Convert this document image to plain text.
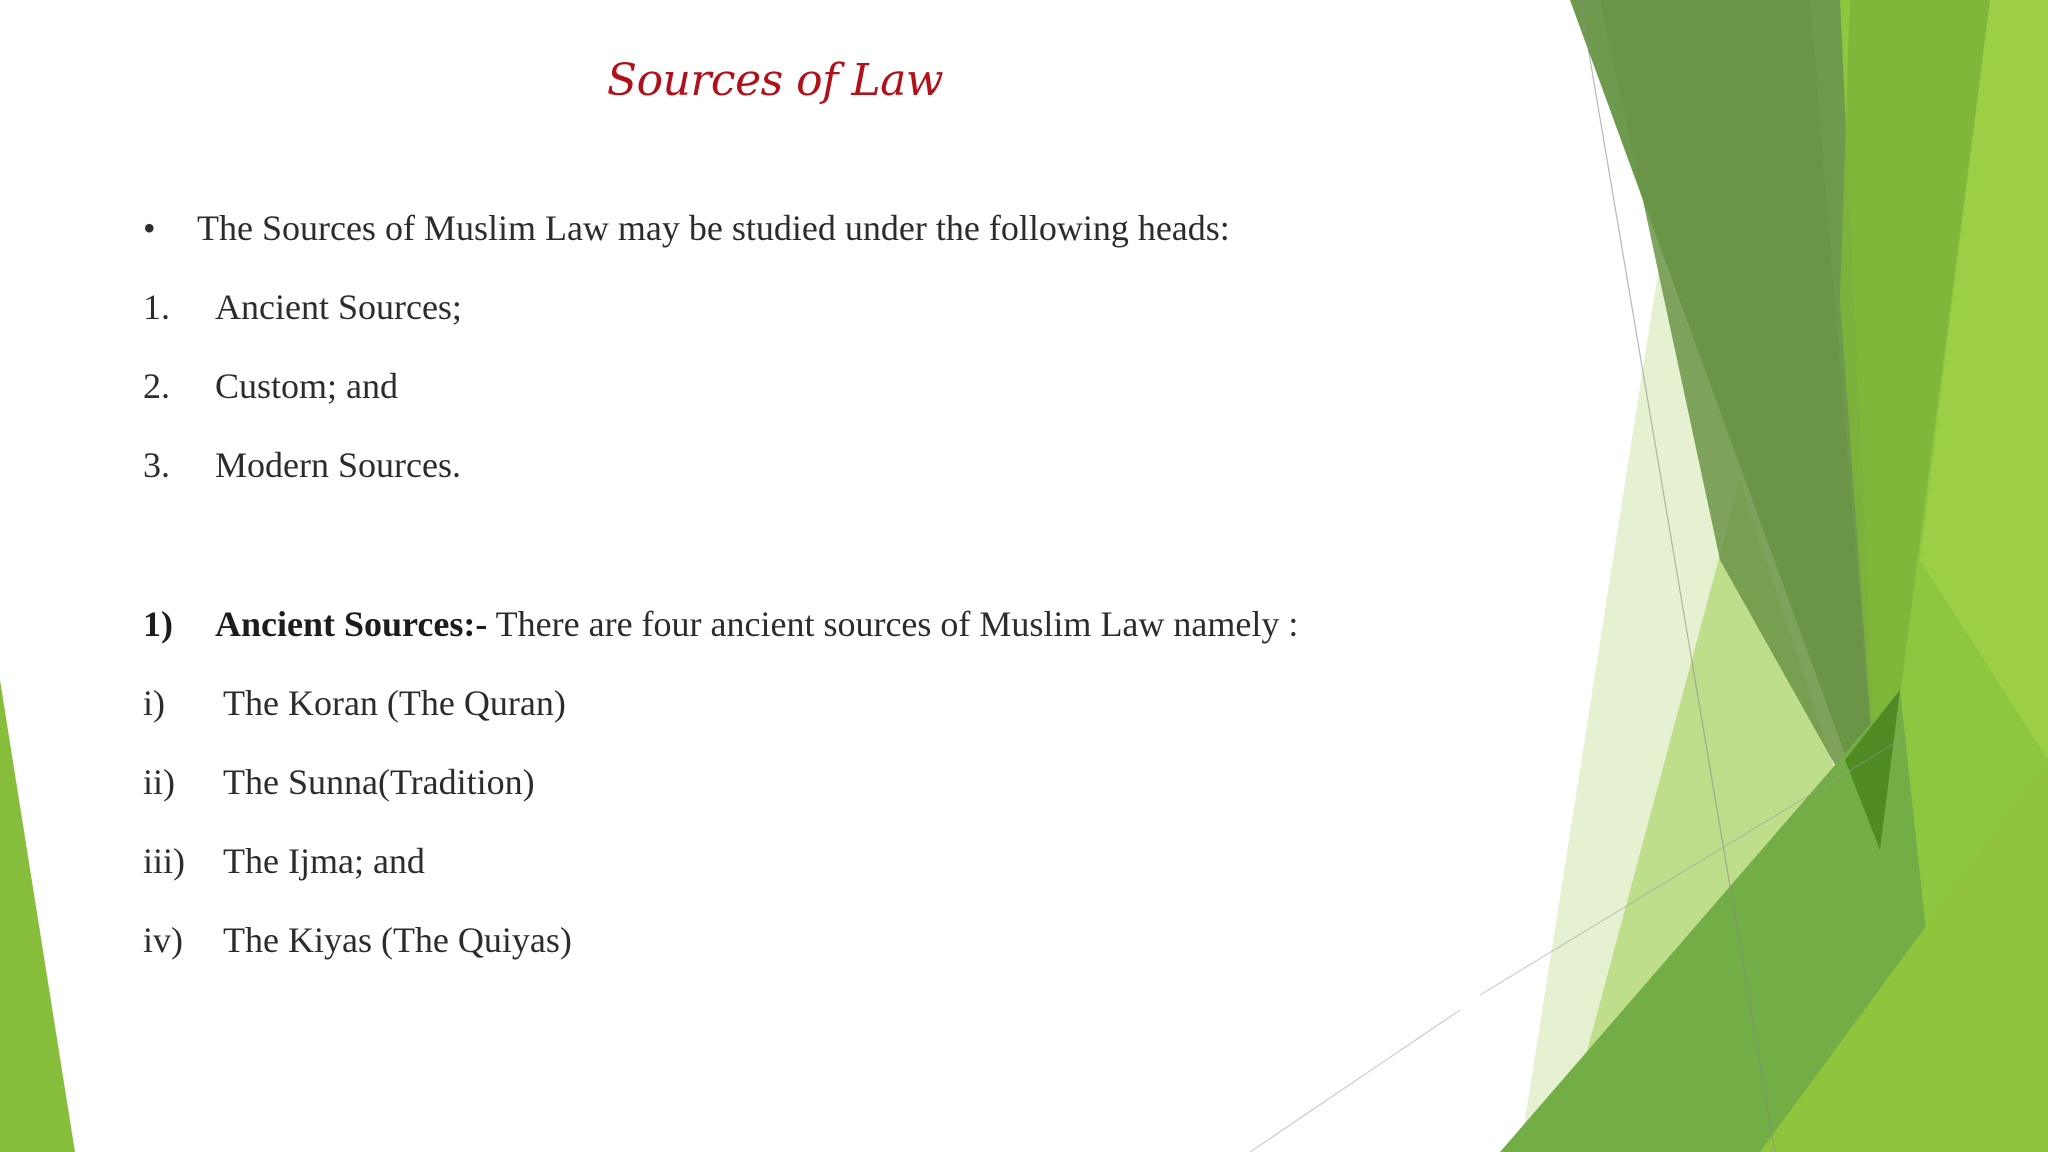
Sources of Law
• The Sources of Muslim Law may be studied under the following heads:
1. Ancient Sources;
2. Custom; and
3. Modern Sources.
1) Ancient Sources:- There are four ancient sources of Muslim Law namely :
i) The Koran (The Quran)
ii) The Sunna(Tradition)
iii) The Ijma; and
iv) The Kiyas (The Quiyas)
